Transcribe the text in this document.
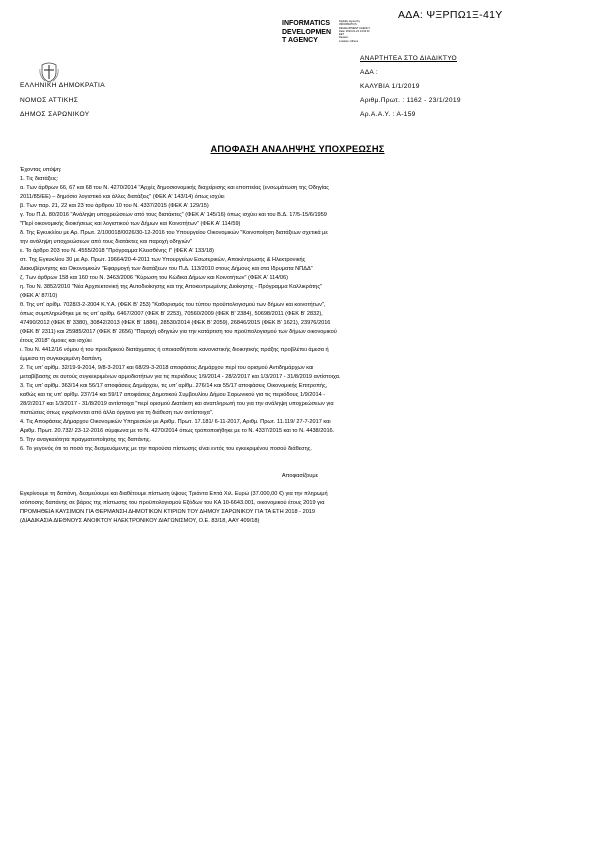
ΑΔΑ: ΨΞΡΠΩ1Ξ-41Υ
INFORMATICS
DEVELOPMEN
T AGENCY
Digitally signed by
INFORMATICS
DEVELOPMENT AGENCY
Date: 2019.01.24 14:03:31
EET
Reason:
Location: Athens
ΕΛΛΗΝΙΚΗ ΔΗΜΟΚΡΑΤΙΑ
ΝΟΜΟΣ ΑΤΤΙΚΗΣ
ΔΗΜΟΣ ΣΑΡΩΝΙΚΟΥ
ΑΝΑΡΤΗΤΕΑ ΣΤΟ ΔΙΑΔΙΚΤΥΟ
ΑΔΑ :
ΚΑΛΥΒΙΑ 1/1/2019
Αριθμ.Πρωτ. : 1162 - 23/1/2019
Αρ.Α.Α.Υ. : Α-159
ΑΠΟΦΑΣΗ ΑΝΑΛΗΨΗΣ ΥΠΟΧΡΕΩΣΗΣ
Έχοντας υπόψη:
1. Τις διατάξεις:
α. Των άρθρων 66, 67 και 68 του Ν. 4270/2014 "Αρχές δημοσιονομικής διαχείρισης και εποπτείας (ενσωμάτωση της Οδηγίας
2011/85/ΕΕ) – δημόσιο λογιστικό και άλλες διατάξεις" (ΦΕΚ Α' 143/14) όπως ισχύει
β. Των παρ. 21, 22 και 23 του άρθρου 10 του Ν. 4337/2015 (ΦΕΚ Α' 129/15)
γ. Του Π.Δ. 80/2016 "Ανάληψη υποχρεώσεων από τους διατάκτες" (ΦΕΚ Α' 145/16) όπως ισχύει και του Β.Δ. 17/5-15/6/1959
"Περί οικονομικής διοικήσεως και λογιστικού των Δήμων και Κοινοτήτων" (ΦΕΚ Α' 114/59)
δ. Της Εγκυκλίου με Αρ. Πρωτ. 2/100018/0026/30-12-2016 του Υπουργείου Οικονομικών "Κοινοποίηση διατάξεων σχετικά με
την ανάληψη υποχρεώσεων από τους διατάκτες και παροχή οδηγιών"
ε. Το άρθρο 203 του Ν. 4555/2018 "Πρόγραμμα Κλεισθένης Ι" (ΦΕΚ Α' 133/18)
στ. Της Εγκυκλίου 30 με Αρ. Πρωτ. 19664/20-4-2011 των Υπουργείων Εσωτερικών, Αποκέντρωσης & Ηλεκτρονικής
Διακυβέρνησης και Οικονομικών "Εφαρμογή των διατάξεων του Π.Δ. 113/2010 στους Δήμους και στα Ιδρυματα ΝΠΔΔ"
ζ. Των άρθρων 158 και 160 του Ν. 3463/2006 "Κύρωση του Κώδικα Δήμων και Κοινοτήτων" (ΦΕΚ Α' 114/06)
η. Του Ν. 3852/2010 "Νέα Αρχιτεκτονική της Αυτοδιοίκησης και της Αποκεντρωμένης Διοίκησης - Πρόγραμμα Καλλικράτης"
(ΦΕΚ Α' 87/10)
θ. Της υπ' αρίθμ. 7028/3-2-2004 Κ.Υ.Α. (ΦΕΚ Β' 253) "Καθορισμός του τύπου προϋπολογισμού των δήμων και κοινοτήτων",
όπως συμπληρώθηκε με τις υπ' αρίθμ. 6467/2007 (ΦΕΚ Β' 2253), 70560/2009 (ΦΕΚ Β' 2384), 50698/2011 (ΦΕΚ Β' 2832),
47490/2012 (ΦΕΚ Β' 3380), 30842/2013 (ΦΕΚ Β' 1886), 28530/2014 (ΦΕΚ Β' 2059), 26846/2015 (ΦΕΚ Β' 1621), 23976/2016
(ΦΕΚ Β' 2311) και 25985/2017 (ΦΕΚ Β' 2656) "Παροχή οδηγιών για την κατάρτιση του προϋπολογισμού των δήμων οικονομικού
έτους 2018" όμοιες και ισχύει
ι. Του Ν. 4412/16 νόμου ή του προεδρικού διατάγματος ή οποιασδήποτε κανονιστικής διοικητικής πράξης προβλέπει άμεσα ή
έμμεσα τη συγκεκριμένη δαπάνη.
2. Τις υπ' αρίθμ. 32/19-9-2014, 9/8-3-2017 και 68/29-3-2018 αποφάσεις Δημάρχου περί του ορισμού Αντιδημάρχων και
μεταβίβασης σε αυτούς συγκεκριμένων αρμοδιοτήτων για τις περιόδους 1/9/2014 - 28/2/2017 και 1/3/2017 - 31/8/2019 αντίστοιχα.
3. Τις υπ' αρίθμ. 363/14 και 56/17 αποφάσεις Δημάρχου, τις υπ' αρίθμ. 276/14 και 55/17 αποφάσεις Οικονομικής Επιτροπής,
καθώς και τις υπ' αρίθμ. 237/14 και 59/17 αποφάσεις Δημοτικού Συμβουλίου Δήμου Σαρωνικού για τις περιόδους 1/9/2014 -
28/2/2017 και 1/3/2017 - 31/8/2019 αντίστοιχα "περί ορισμού Διατάκτη και αναπληρωτή του για την ανάληψη υποχρεώσεων για
πιστώσεις όπως εγκρίνονται από άλλα όργανα για τη διάθεση των αντίστοιχα".
4. Τις Αποφάσεις Δήμαρχου Οικονομικών Υπηρεσιών με Αριθμ. Πρωτ. 17.181/ 6-11-2017, Αριθμ. Πρωτ. 11.119/ 27-7-2017 και
Αριθμ. Πρωτ. 20.732/ 23-12-2016 σύμφωνα με το Ν. 4270/2014 όπως τροποποιήθηκε με το Ν. 4337/2015 και το Ν. 4438/2016.
5. Την αναγκαιότητα πραγματοποίησης της δαπάνης.
6. Το γεγονός ότι το ποσό της δεσμευόμενης με την παρούσα πίστωσης είναι εντός του εγκεκριμένου ποσού διάθεσης.
Αποφασίζουμε
Εγκρίνουμε τη δαπάνη, δεσμεύουμε και διαθέτουμε πίστωση ύψους Τριάντα Επτά Χιλ. Ευρώ (37.000,00 €) για την πληρωμή
ισόποσης δαπάνης σε βάρος της πίστωσης του προϋπολογισμού Εξόδων του ΚΑ 10-6643.001, οικονομικού έτους 2019 για
ΠΡΟΜΗΘΕΙΑ ΚΑΥΣΙΜΩΝ ΓΙΑ ΘΕΡΜΑΝΣΗ ΔΗΜΟΤΙΚΩΝ ΚΤΙΡΙΩΝ ΤΟΥ ΔΗΜΟΥ ΣΑΡΩΝΙΚΟΥ ΓΙΑ ΤΑ ΕΤΗ 2018 - 2019
(ΔΙΑΔΙΚΑΣΙΑ ΔΙΕΘΝΟΥΣ ΑΝΟΙΚΤΟΥ ΗΛΕΚΤΡΟΝΙΚΟΥ ΔΙΑΓΩΝΙΣΜΟΥ, Ο.Ε. 83/18, ΑΑΥ 409/18)
